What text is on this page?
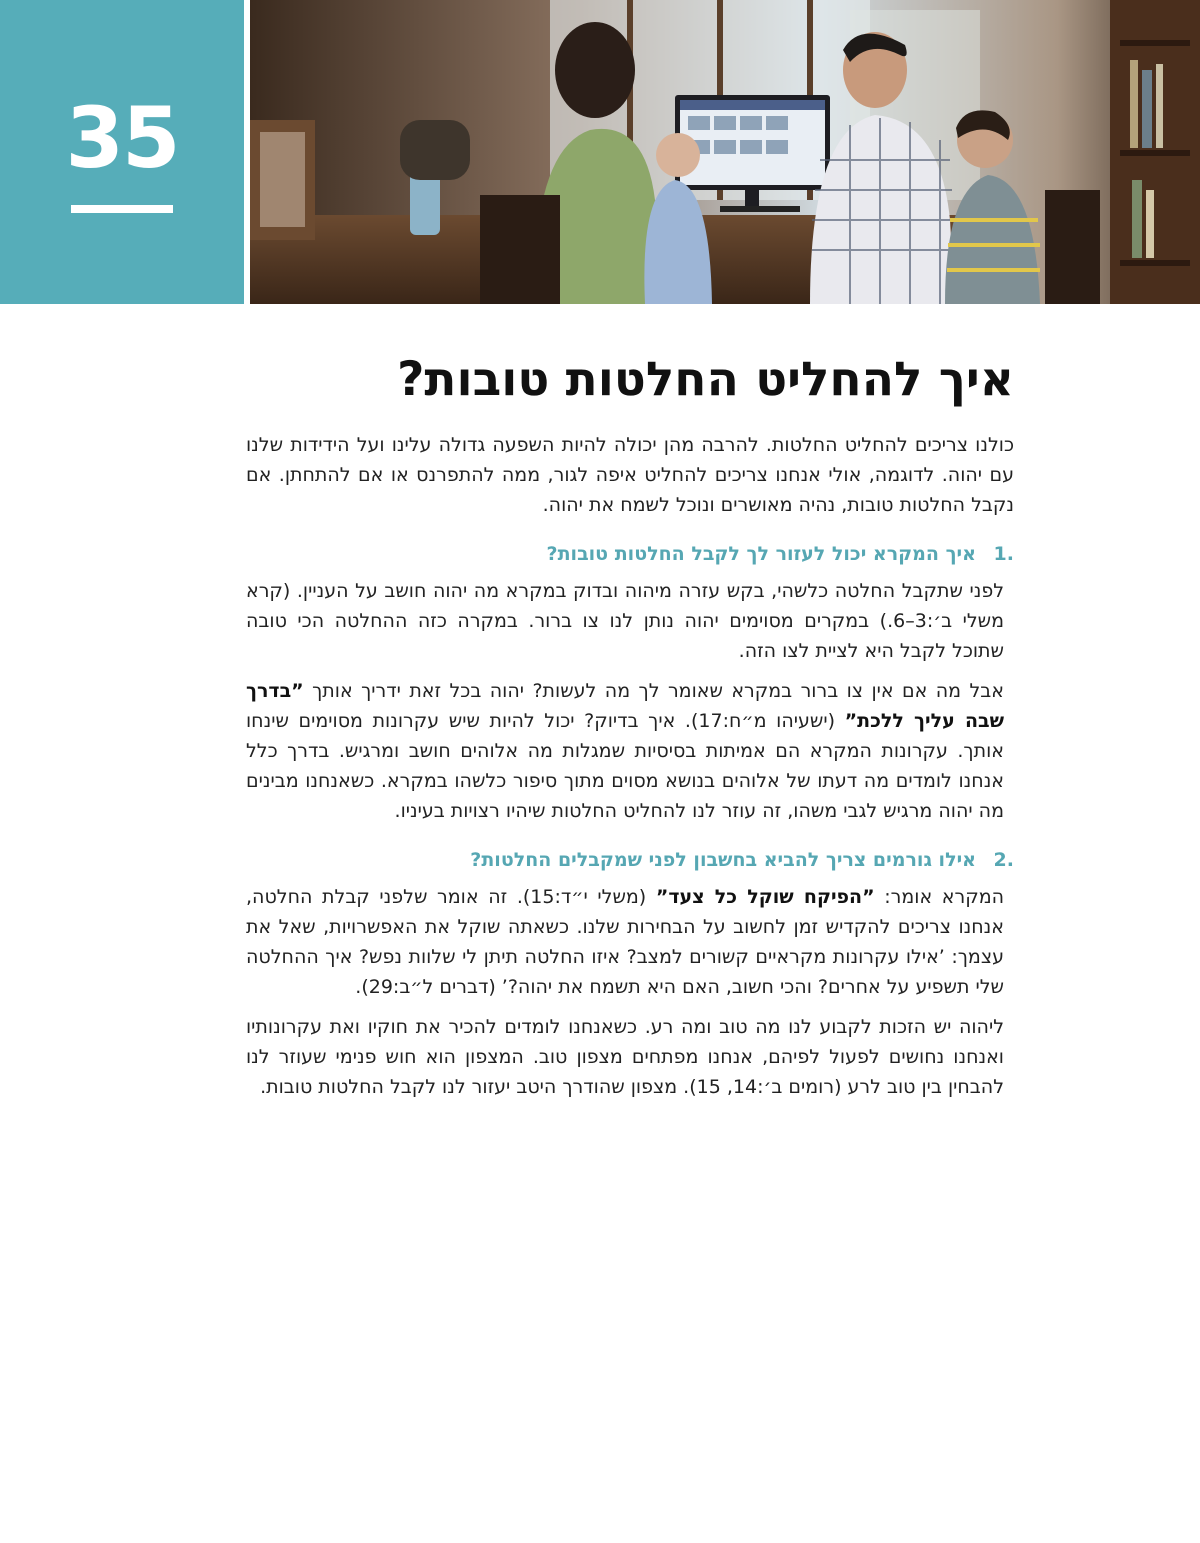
35
איך להחליט החלטות טובות?

כולנו צריכים להחליט החלטות. להרבה מהן יכולה להיות השפעה גדולה עלינו ועל הידידות שלנו עם יהוה. לדוגמה, אולי אנחנו צריכים להחליט איפה לגור, ממה להתפרנס או אם להתחתן. אם נקבל החלטות טובות, נהיה מאושרים ונוכל לשמח את יהוה.

.1
איך המקרא יכול לעזור לך לקבל החלטות טובות?

לפני שתקבל החלטה כלשהי, בקש עזרה מיהוה ובדוק במקרא מה יהוה חושב על העניין. (קרא משלי ב׳:3–6.) במקרים מסוימים יהוה נותן לנו צו ברור. במקרה כזה ההחלטה הכי טובה שתוכל לקבל היא לציית לצו הזה.

אבל מה אם אין צו ברור במקרא שאומר לך מה לעשות? יהוה בכל זאת ידריך אותך ”בדרך שבה עליך ללכת” (ישעיהו מ״ח:17). איך בדיוק? יכול להיות שיש עקרונות מסוימים שינחו אותך. עקרונות המקרא הם אמיתות בסיסיות שמגלות מה אלוהים חושב ומרגיש. בדרך כלל אנחנו לומדים מה דעתו של אלוהים בנושא מסוים מתוך סיפור כלשהו במקרא. כשאנחנו מבינים מה יהוה מרגיש לגבי משהו, זה עוזר לנו להחליט החלטות שיהיו רצויות בעיניו.

.2
אילו גורמים צריך להביא בחשבון לפני שמקבלים החלטות?

המקרא אומר: ”הפיקח שוקל כל צעד” (משלי י״ד:15). זה אומר שלפני קבלת החלטה, אנחנו צריכים להקדיש זמן לחשוב על הבחירות שלנו. כשאתה שוקל את האפשרויות, שאל את עצמך: ’אילו עקרונות מקראיים קשורים למצב? איזו החלטה תיתן לי שלוות נפש? איך ההחלטה שלי תשפיע על אחרים? והכי חשוב, האם היא תשמח את יהוה?’ (דברים ל״ב:29).

ליהוה יש הזכות לקבוע לנו מה טוב ומה רע. כשאנחנו לומדים להכיר את חוקיו ואת עקרונותיו ואנחנו נחושים לפעול לפיהם, אנחנו מפתחים מצפון טוב. המצפון הוא חוש פנימי שעוזר לנו להבחין בין טוב לרע (רומים ב׳:14, 15). מצפון שהודרך היטב יעזור לנו לקבל החלטות טובות.
